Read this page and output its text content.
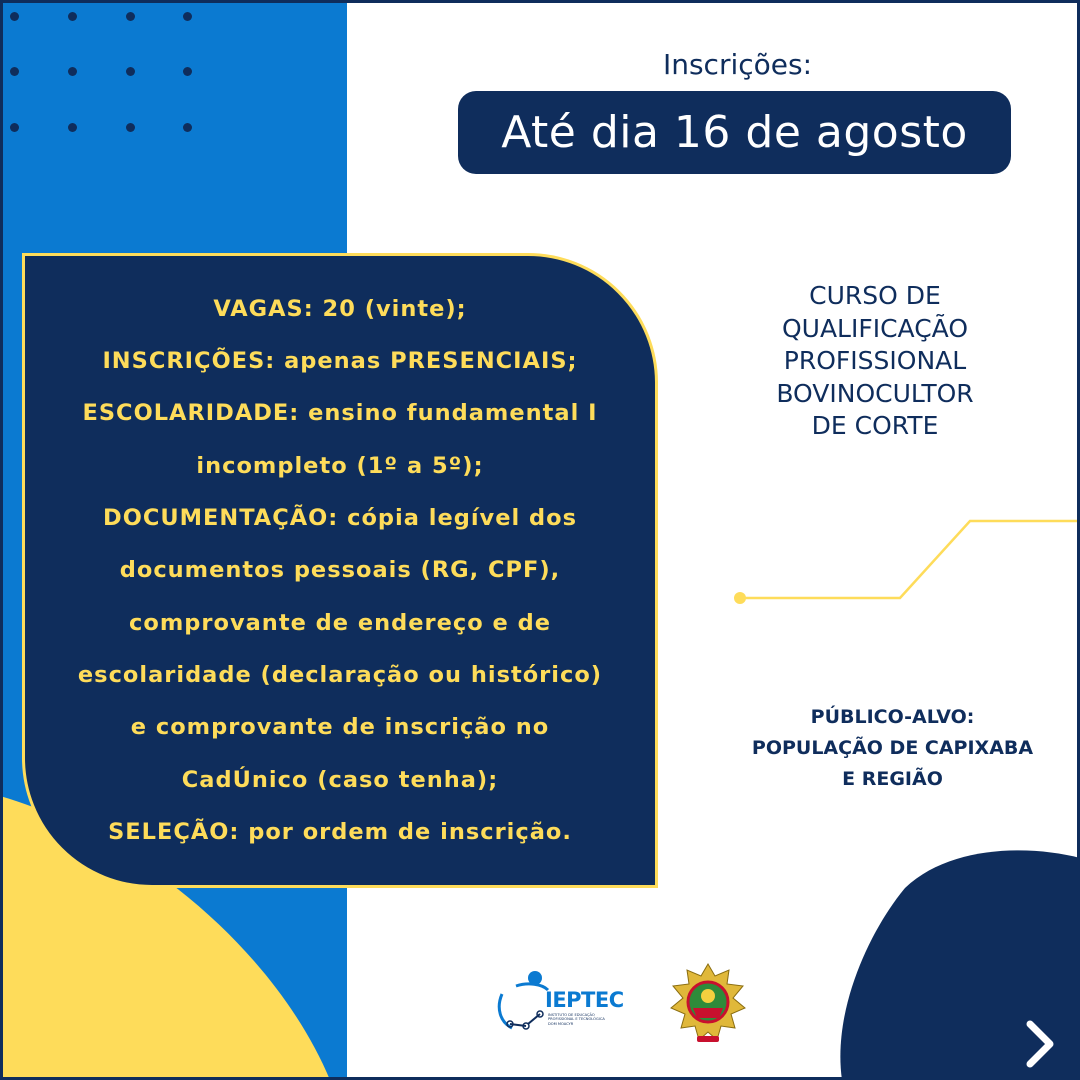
Inscrições:
Até dia 16 de agosto
VAGAS: 20 (vinte);
INSCRIÇÕES: apenas PRESENCIAIS;
ESCOLARIDADE: ensino fundamental I
incompleto (1º a 5º);
DOCUMENTAÇÃO: cópia legível dos
documentos pessoais (RG, CPF),
comprovante de endereço e de
escolaridade (declaração ou histórico)
e comprovante de inscrição no
CadÚnico (caso tenha);
SELEÇÃO: por ordem de inscrição.
CURSO DE
QUALIFICAÇÃO
PROFISSIONAL
BOVINOCULTOR
DE CORTE
PÚBLICO-ALVO:
POPULAÇÃO DE CAPIXABA
E REGIÃO
IEPTEC
INSTITUTO DE EDUCAÇÃO PROFISSIONAL E TECNOLÓGICA DOM MOACYR
